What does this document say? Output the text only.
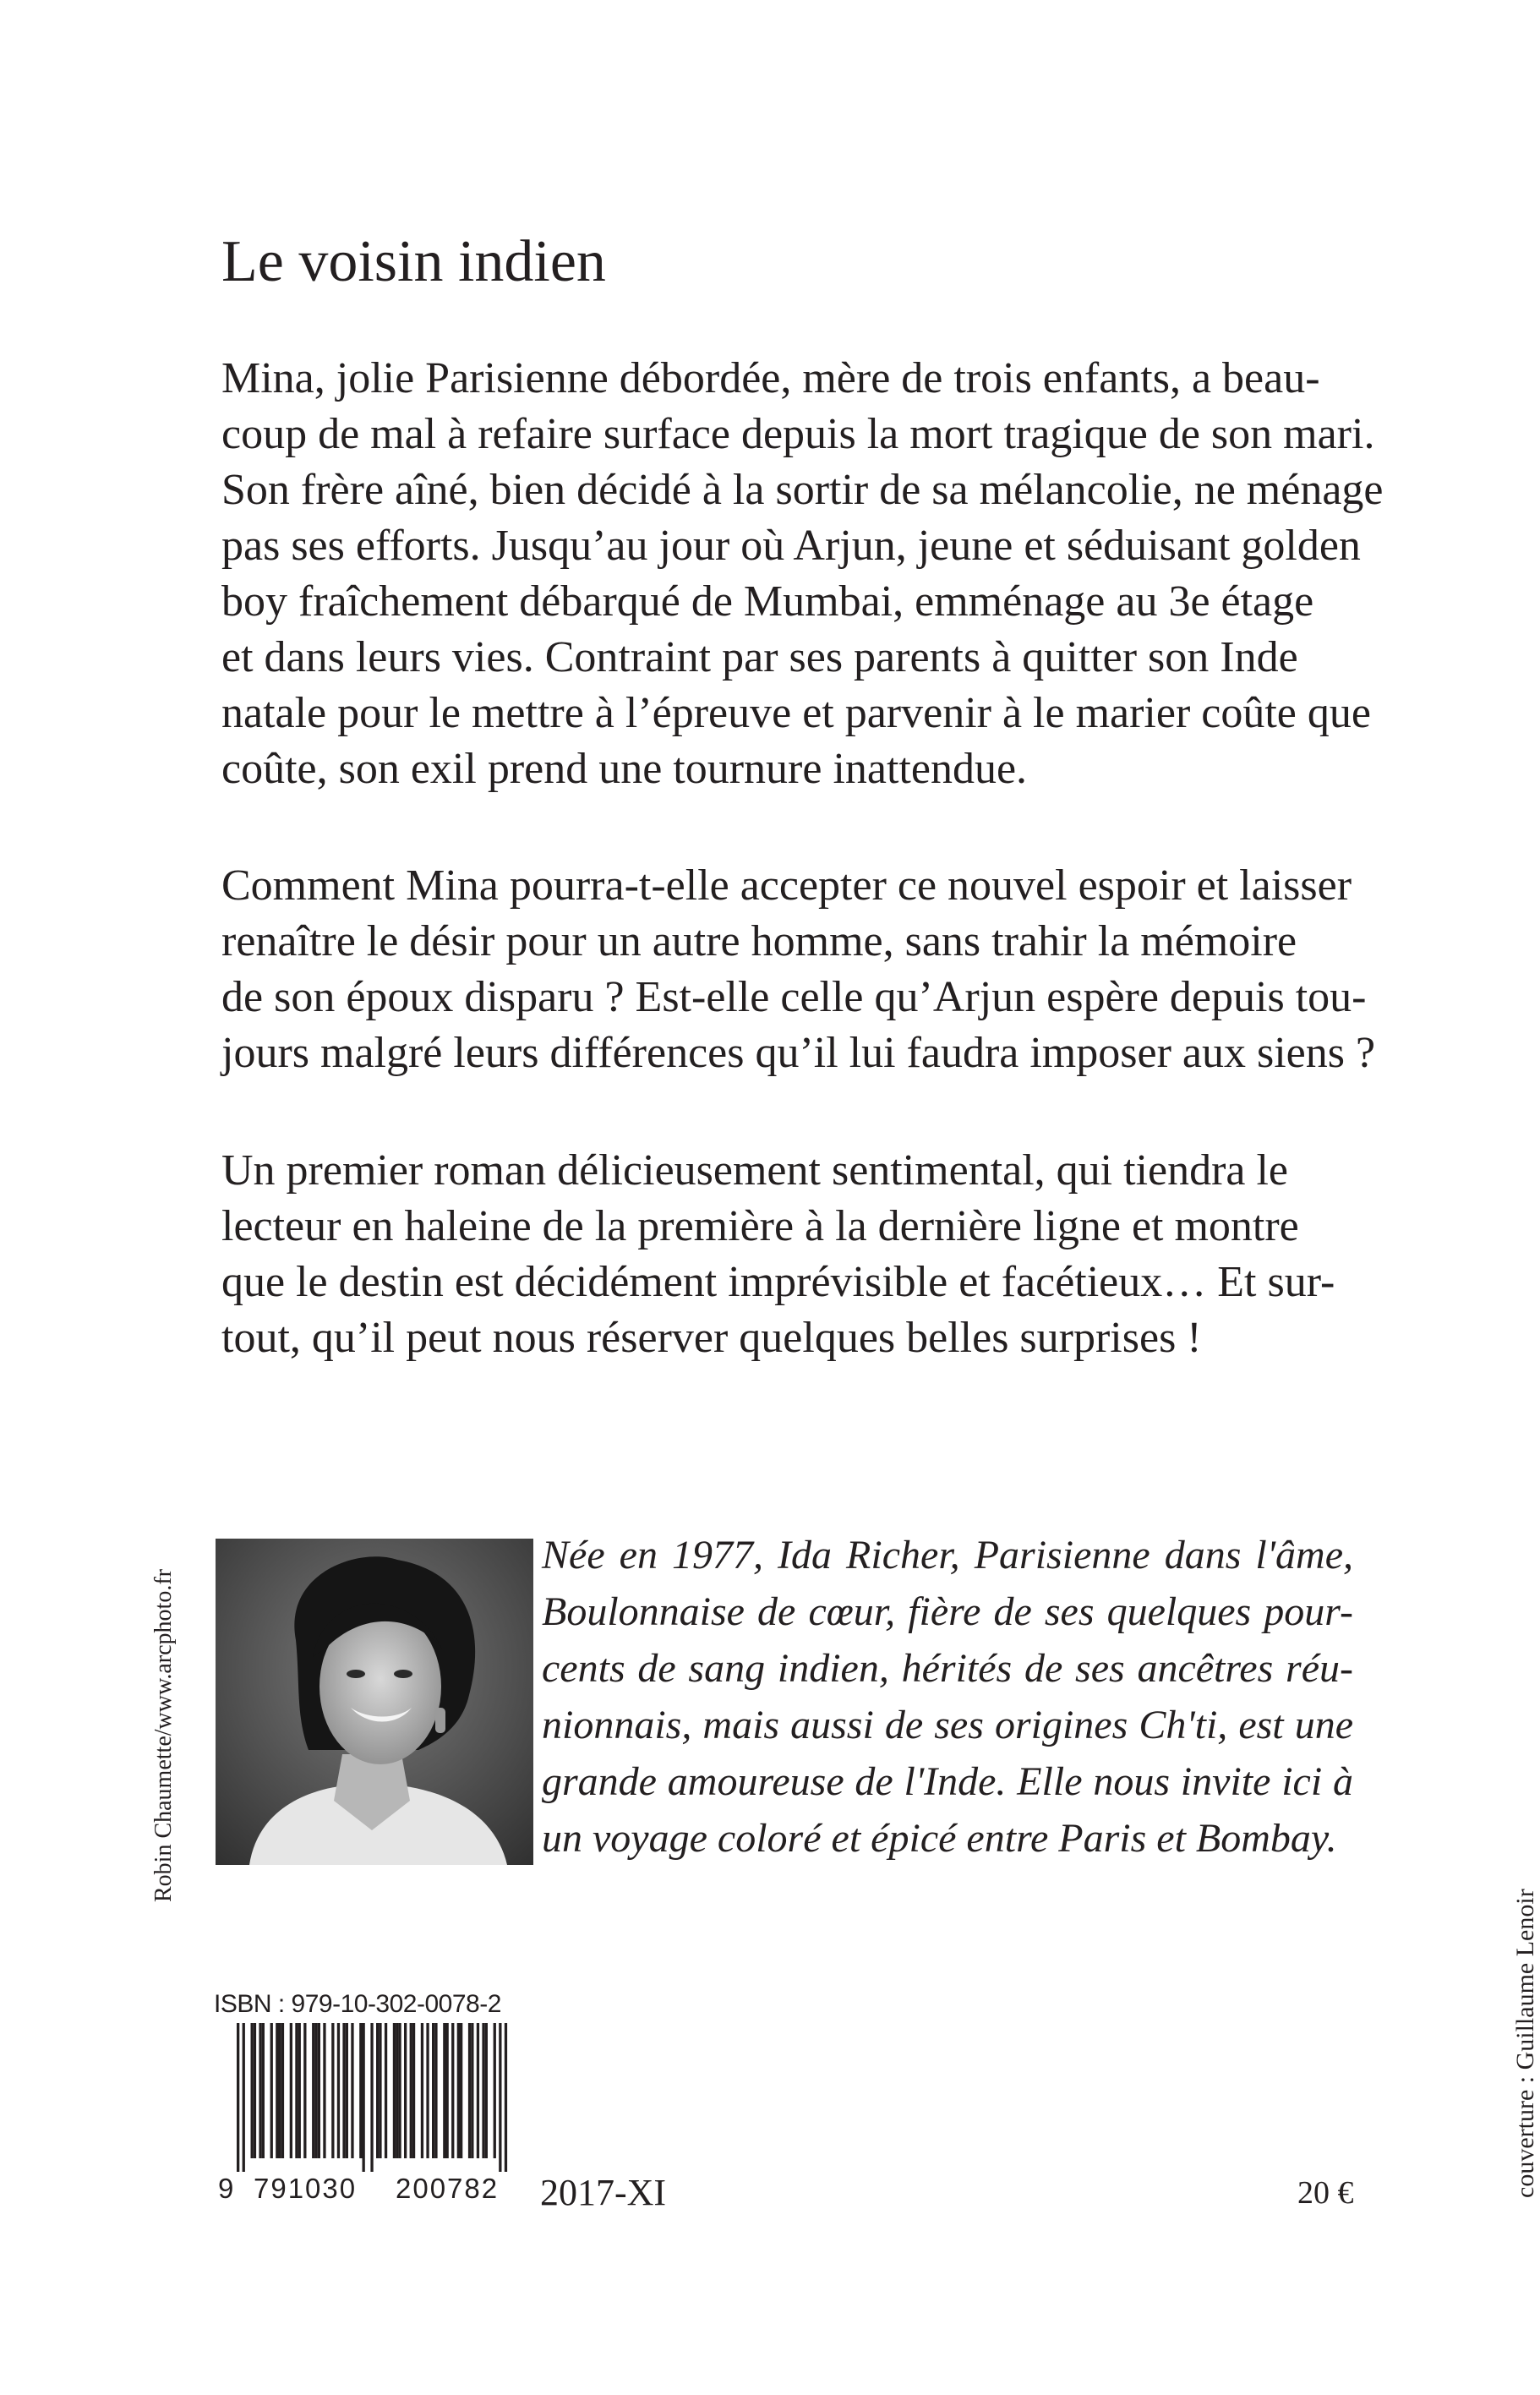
Le voisin indien
Mina, jolie Parisienne débordée, mère de trois enfants, a beau-
coup de mal à refaire surface depuis la mort tragique de son mari.
Son frère aîné, bien décidé à la sortir de sa mélancolie, ne ménage
pas ses efforts. Jusqu’au jour où Arjun, jeune et séduisant golden
boy fraîchement débarqué de Mumbai, emménage au 3e étage
et dans leurs vies. Contraint par ses parents à quitter son Inde
natale pour le mettre à l’épreuve et parvenir à le marier coûte que
coûte, son exil prend une tournure inattendue.
Comment Mina pourra-t-elle accepter ce nouvel espoir et laisser
renaître le désir pour un autre homme, sans trahir la mémoire
de son époux disparu ? Est-elle celle qu’Arjun espère depuis tou-
jours malgré leurs différences qu’il lui faudra imposer aux siens ?
Un premier roman délicieusement sentimental, qui tiendra le
lecteur en haleine de la première à la dernière ligne et montre
que le destin est décidément imprévisible et facétieux… Et sur-
tout, qu’il peut nous réserver quelques belles surprises !
Robin Chaumette/www.arcphoto.fr
Née en 1977, Ida Richer, Parisienne dans l'âme,
Boulonnaise de cœur, fière de ses quelques pour-
cents de sang indien, hérités de ses ancêtres réu-
nionnais, mais aussi de ses origines Ch'ti, est une
grande amoureuse de l'Inde. Elle nous invite ici à
un voyage coloré et épicé entre Paris et Bombay.
ISBN : 979-10-302-0078-2
9 791030 200782 2017-XI	20 €	couverture : Guillaume Lenoir
